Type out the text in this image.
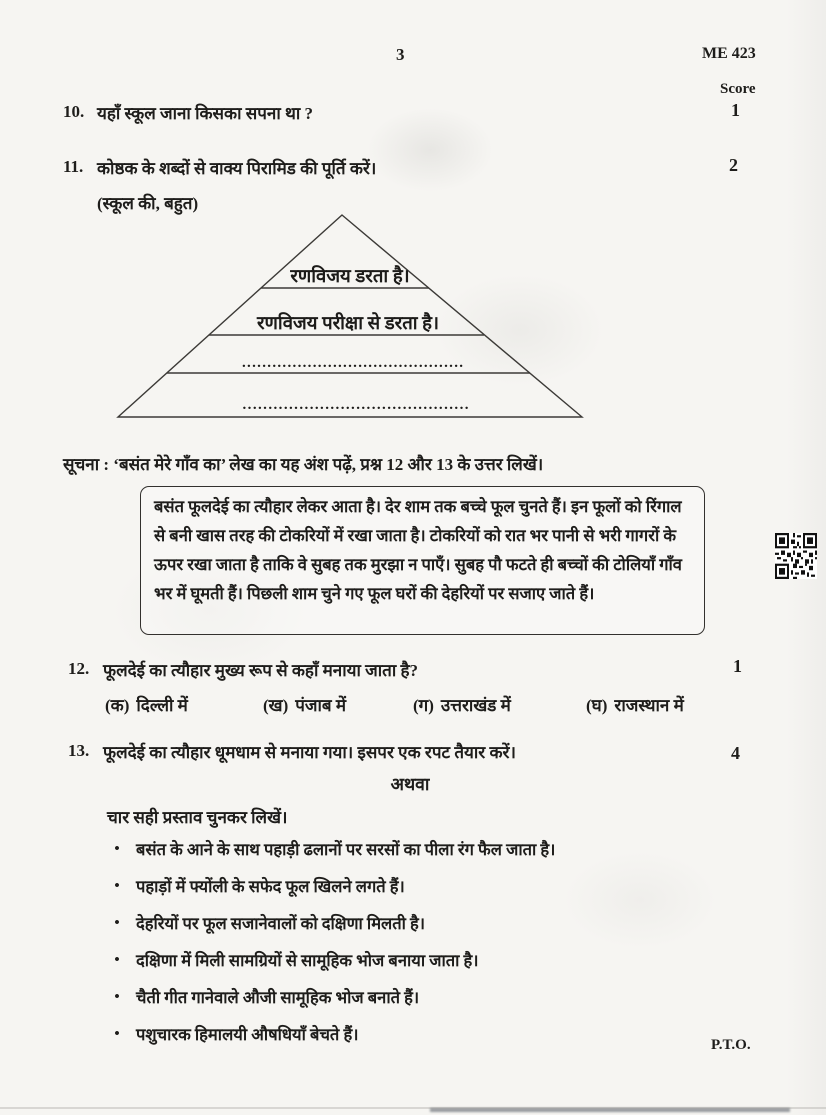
3	ME 423
Score
10. यहाँ स्कूल जाना किसका सपना था ?	1
11. कोष्ठक के शब्दों से वाक्य पिरामिड की पूर्ति करें।	2
(स्कूल की, बहुत)
रणविजय डरता है।
रणविजय परीक्षा से डरता है।
............................................
............................................
सूचना : ‘बसंत मेरे गाँव का’ लेख का यह अंश पढ़ें, प्रश्न 12 और 13 के उत्तर लिखें।
बसंत फूलदेई का त्यौहार लेकर आता है। देर शाम तक बच्चे फूल चुनते हैं। इन फूलों को रिंगाल से बनी खास तरह की टोकरियों में रखा जाता है। टोकरियों को रात भर पानी से भरी गागरों के ऊपर रखा जाता है ताकि वे सुबह तक मुरझा न पाएँ। सुबह पौ फटते ही बच्चों की टोलियाँ गाँव भर में घूमती हैं। पिछली शाम चुने गए फूल घरों की देहरियों पर सजाए जाते हैं।
12. फूलदेई का त्यौहार मुख्य रूप से कहाँ मनाया जाता है?	1
(क) दिल्ली में	(ख) पंजाब में	(ग) उत्तराखंड में	(घ) राजस्थान में
13. फूलदेई का त्यौहार धूमधाम से मनाया गया। इसपर एक रपट तैयार करें।	4
अथवा
चार सही प्रस्ताव चुनकर लिखें।
• बसंत के आने के साथ पहाड़ी ढलानों पर सरसों का पीला रंग फैल जाता है।
• पहाड़ों में फ्योंली के सफेद फूल खिलने लगते हैं।
• देहरियों पर फूल सजानेवालों को दक्षिणा मिलती है।
• दक्षिणा में मिली सामग्रियों से सामूहिक भोज बनाया जाता है।
• चैती गीत गानेवाले औजी सामूहिक भोज बनाते हैं।
• पशुचारक हिमालयी औषधियाँ बेचते हैं।
P.T.O.
